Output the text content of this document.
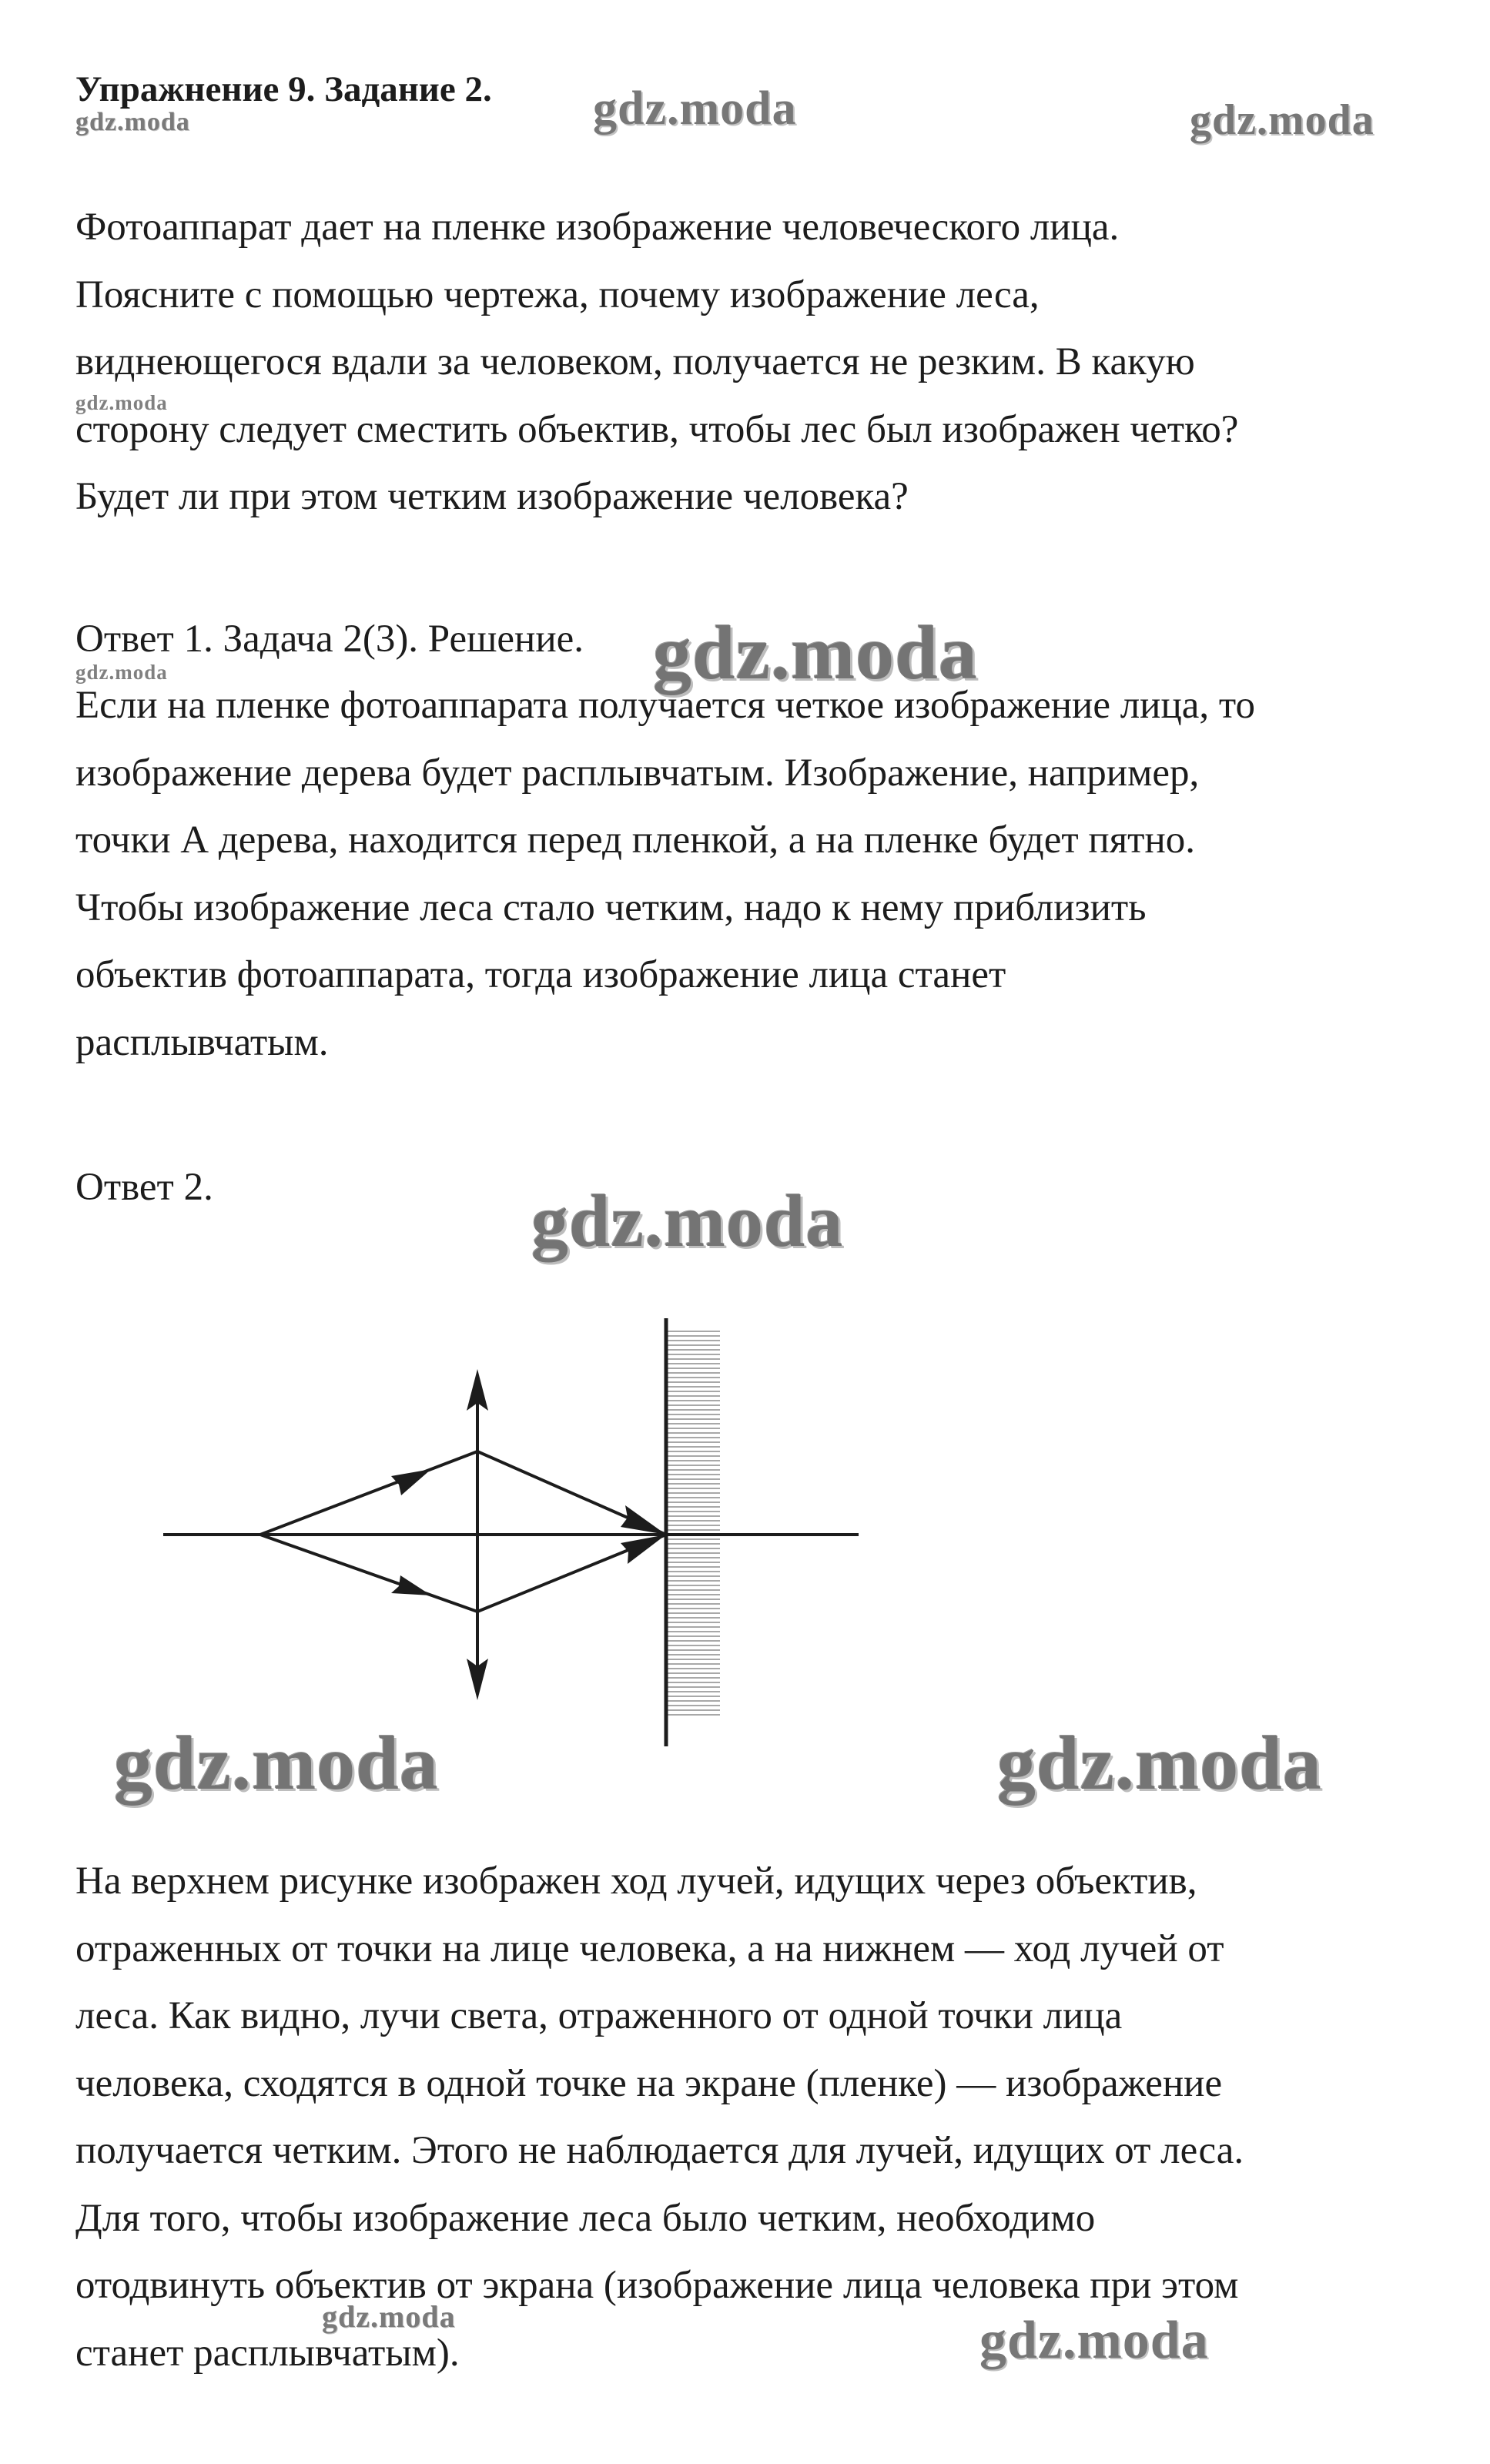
Упражнение 9. Задание 2.
gdz.moda	gdz.moda	gdz.moda
Фотоаппарат дает на пленке изображение человеческого лица.
Поясните с помощью чертежа, почему изображение леса,
виднеющегося вдали за человеком, получается не резким. В какую
сторону следует сместить объектив, чтобы лес был изображен четко?
Будет ли при этом четким изображение человека?
gdz.moda
Ответ 1. Задача 2(3). Решение. gdz.moda
gdz.moda
Если на пленке фотоаппарата получается четкое изображение лица, то
изображение дерева будет расплывчатым. Изображение, например,
точки А дерева, находится перед пленкой, а на пленке будет пятно.
Чтобы изображение леса стало четким, надо к нему приблизить
объектив фотоаппарата, тогда изображение лица станет
расплывчатым.
Ответ 2.	gdz.moda
gdz.moda	gdz.moda
На верхнем рисунке изображен ход лучей, идущих через объектив,
отраженных от точки на лице человека, а на нижнем — ход лучей от
леса. Как видно, лучи света, отраженного от одной точки лица
человека, сходятся в одной точке на экране (пленке) — изображение
получается четким. Этого не наблюдается для лучей, идущих от леса.
Для того, чтобы изображение леса было четким, необходимо
отодвинуть объектив от экрана (изображение лица человека при этом
станет расплывчатым).
gdz.moda	gdz.moda
